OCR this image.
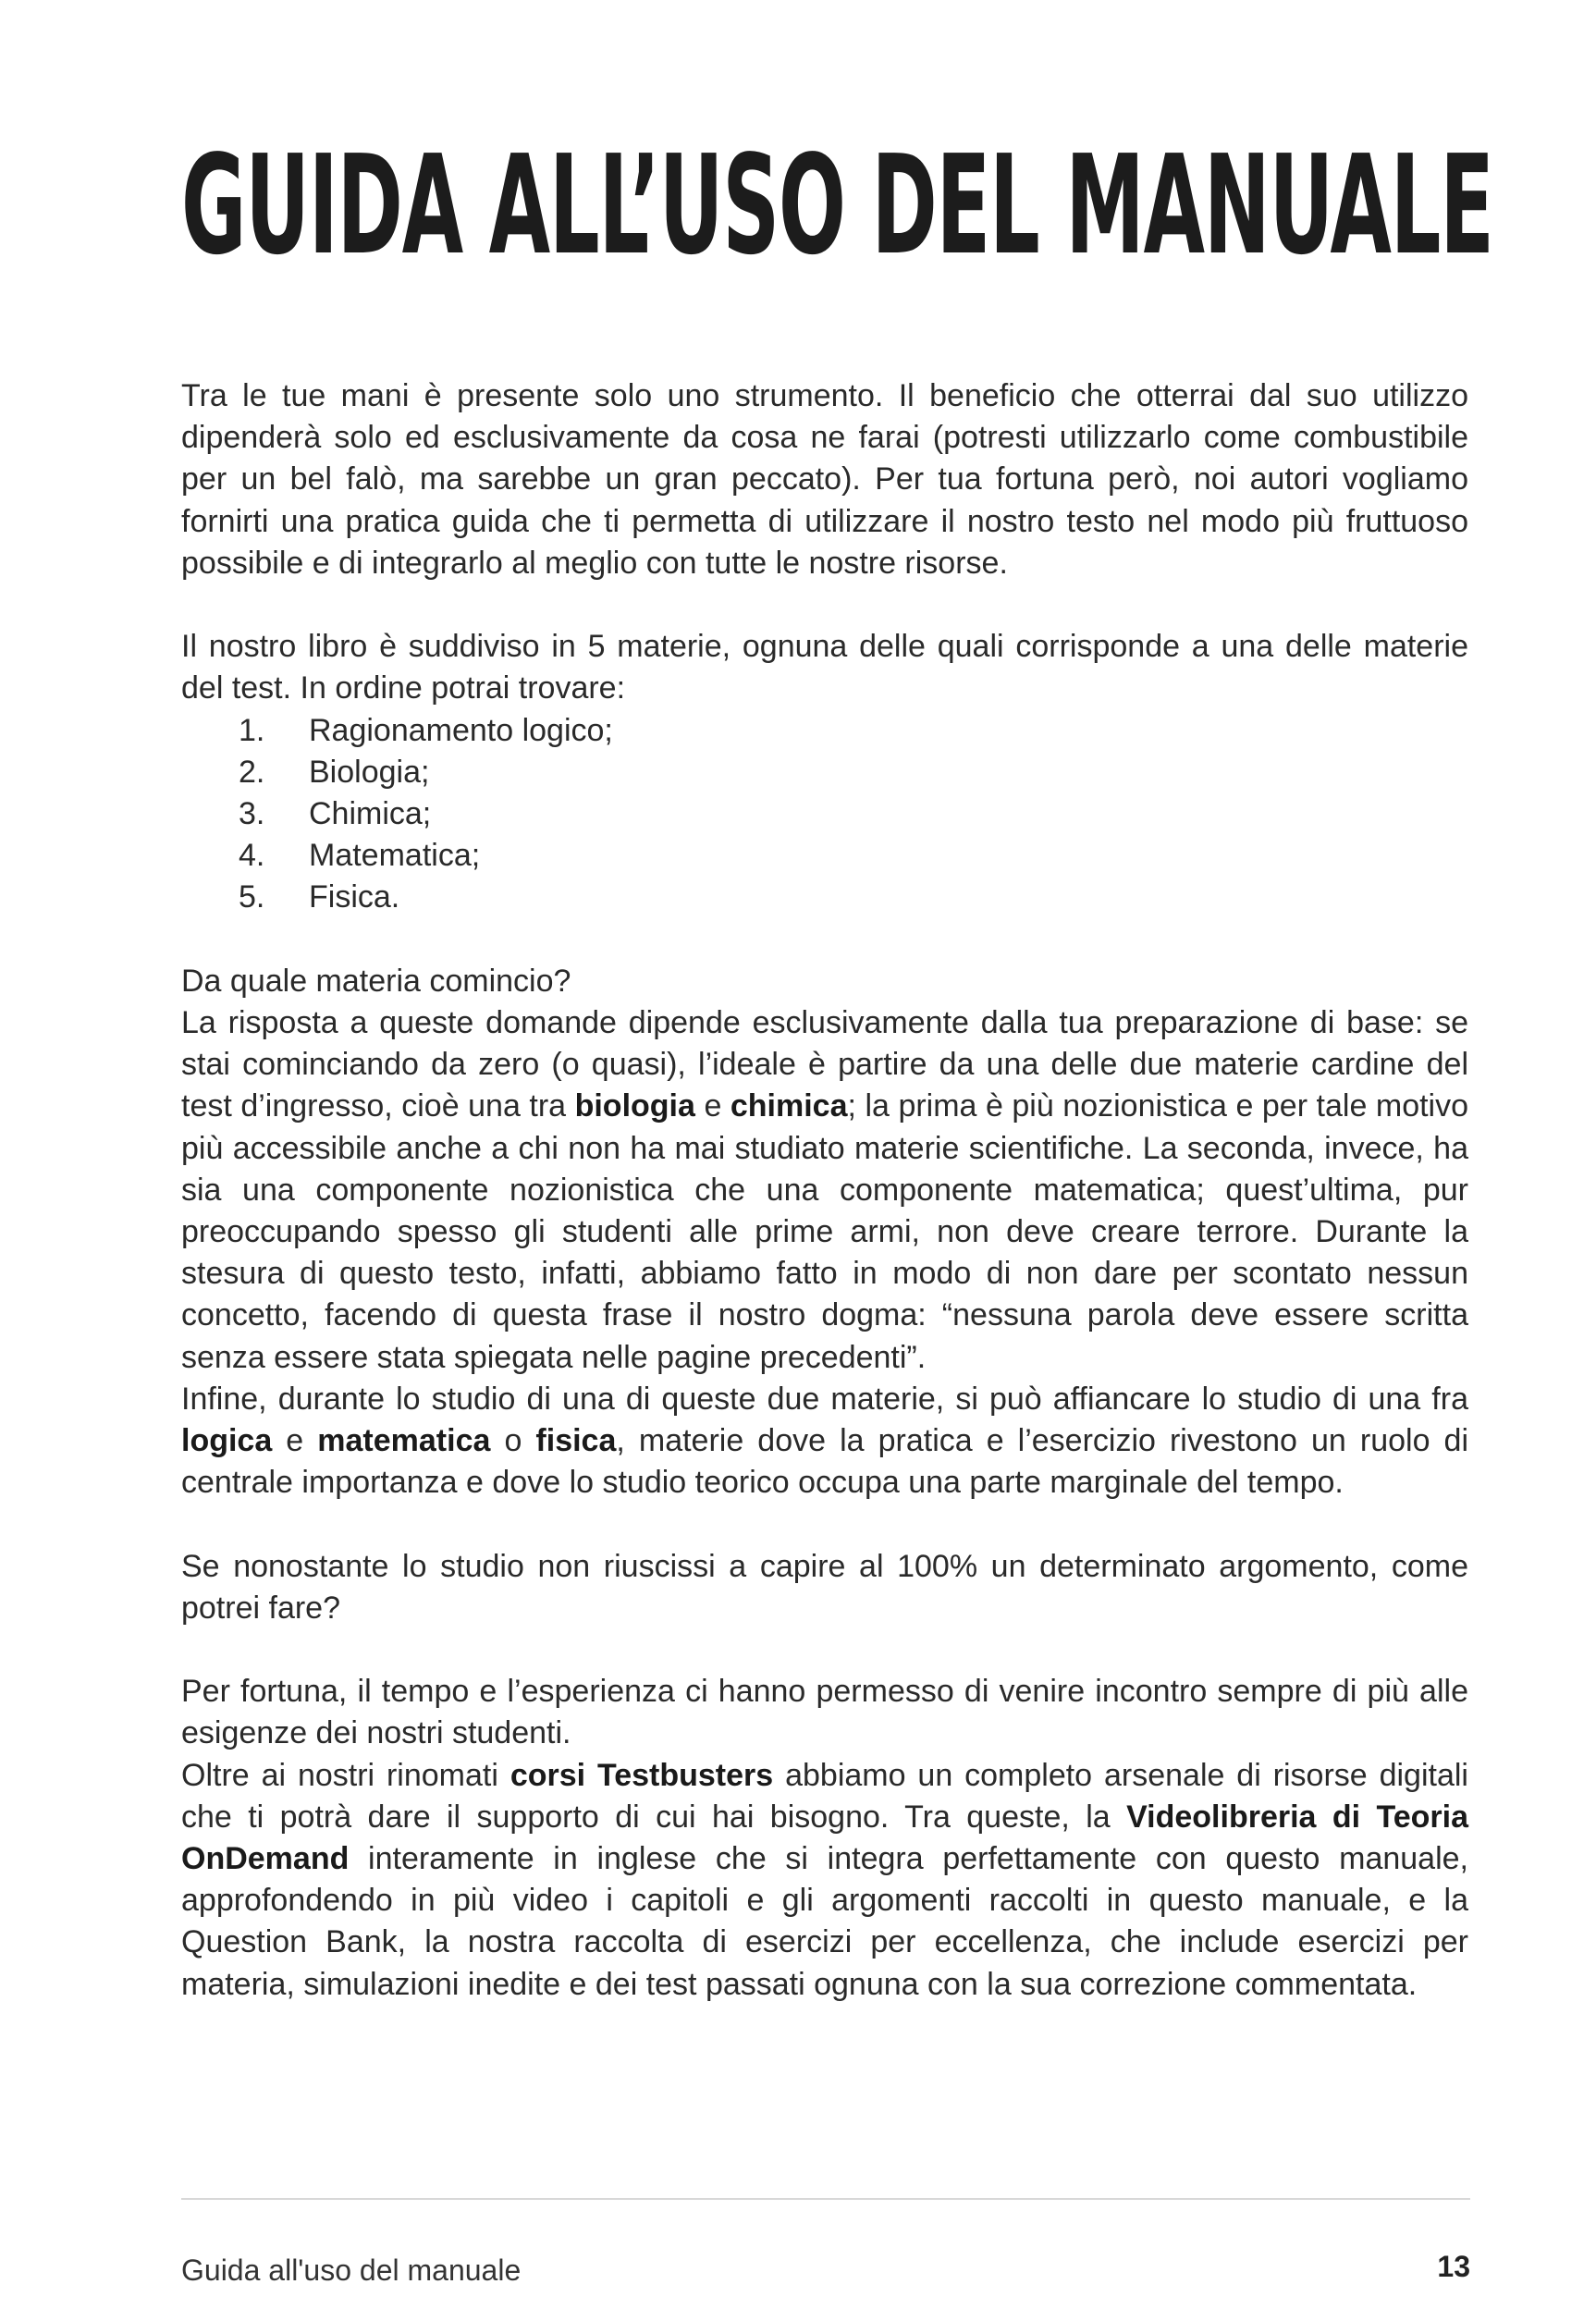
GUIDA ALL’USO DEL MANUALE

Tra le tue mani è presente solo uno strumento. Il beneficio che otterrai dal suo utilizzo dipenderà solo ed esclusivamente da cosa ne farai (potresti utilizzarlo come combustibile per un bel falò, ma sarebbe un gran peccato). Per tua fortuna però, noi autori vogliamo fornirti una pratica guida che ti permetta di utilizzare il nostro testo nel modo più fruttuoso possibile e di integrarlo al meglio con tutte le nostre risorse.

Il nostro libro è suddiviso in 5 materie, ognuna delle quali corrisponde a una delle materie del test. In ordine potrai trovare:

1.	Ragionamento logico;
2.	Biologia;
3.	Chimica;
4.	Matematica;
5.	Fisica.

Da quale materia comincio?

La risposta a queste domande dipende esclusivamente dalla tua preparazione di base: se stai cominciando da zero (o quasi), l’ideale è partire da una delle due materie cardine del test d’ingresso, cioè una tra biologia e chimica; la prima è più nozionistica e per tale motivo più accessibile anche a chi non ha mai studiato materie scientifiche. La seconda, invece, ha sia una componente nozionistica che una componente matematica; quest’ultima, pur preoccupando spesso gli studenti alle prime armi, non deve creare terrore. Durante la stesura di questo testo, infatti, abbiamo fatto in modo di non dare per scontato nessun concetto, facendo di questa frase il nostro dogma: “nessuna parola deve essere scritta senza essere stata spiegata nelle pagine precedenti”.

Infine, durante lo studio di una di queste due materie, si può affiancare lo studio di una fra logica e matematica o fisica, materie dove la pratica e l’esercizio rivestono un ruolo di centrale importanza e dove lo studio teorico occupa una parte marginale del tempo.

Se nonostante lo studio non riuscissi a capire al 100% un determinato argomento, come potrei fare?

Per fortuna, il tempo e l’esperienza ci hanno permesso di venire incontro sempre di più alle esigenze dei nostri studenti.

Oltre ai nostri rinomati corsi Testbusters abbiamo un completo arsenale di risorse digitali che ti potrà dare il supporto di cui hai bisogno. Tra queste, la Videolibreria di Teoria OnDemand interamente in inglese che si integra perfettamente con questo manuale, approfondendo in più video i capitoli e gli argomenti raccolti in questo manuale, e la Question Bank, la nostra raccolta di esercizi per eccellenza, che include esercizi per materia, simulazioni inedite e dei test passati ognuna con la sua correzione commentata.

Guida all'uso del manuale	13
